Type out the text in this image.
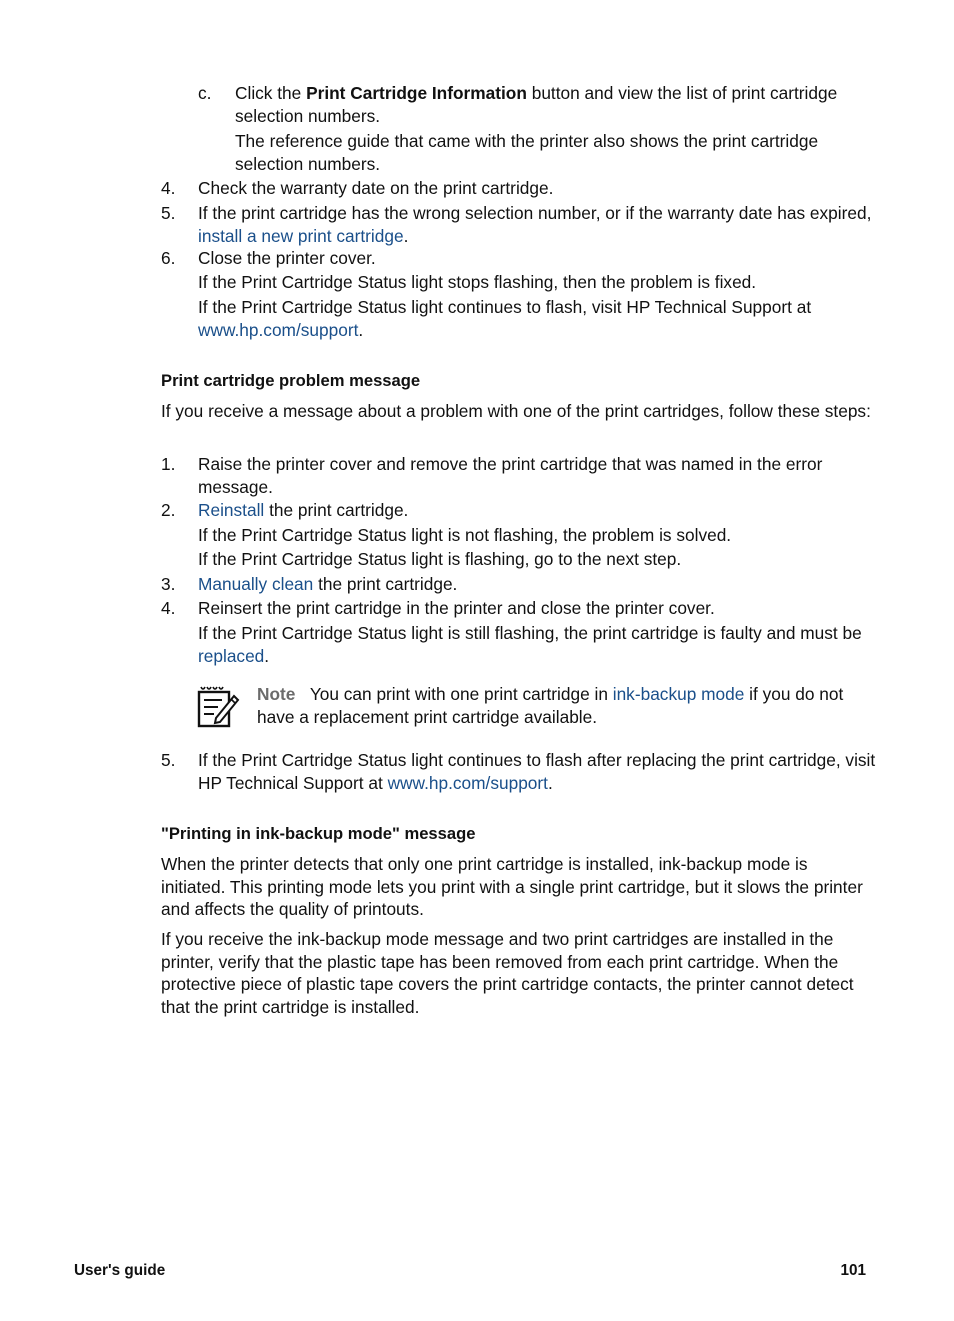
c. Click the Print Cartridge Information button and view the list of print cartridge selection numbers.

The reference guide that came with the printer also shows the print cartridge selection numbers.

4. Check the warranty date on the print cartridge.

5. If the print cartridge has the wrong selection number, or if the warranty date has expired, install a new print cartridge.

6. Close the printer cover.

If the Print Cartridge Status light stops flashing, then the problem is fixed.

If the Print Cartridge Status light continues to flash, visit HP Technical Support at www.hp.com/support.

Print cartridge problem message

If you receive a message about a problem with one of the print cartridges, follow these steps:

1. Raise the printer cover and remove the print cartridge that was named in the error message.

2. Reinstall the print cartridge.

If the Print Cartridge Status light is not flashing, the problem is solved.

If the Print Cartridge Status light is flashing, go to the next step.

3. Manually clean the print cartridge.

4. Reinsert the print cartridge in the printer and close the printer cover.

If the Print Cartridge Status light is still flashing, the print cartridge is faulty and must be replaced.

Note You can print with one print cartridge in ink-backup mode if you do not have a replacement print cartridge available.

5. If the Print Cartridge Status light continues to flash after replacing the print cartridge, visit HP Technical Support at www.hp.com/support.

"Printing in ink-backup mode" message

When the printer detects that only one print cartridge is installed, ink-backup mode is initiated. This printing mode lets you print with a single print cartridge, but it slows the printer and affects the quality of printouts.

If you receive the ink-backup mode message and two print cartridges are installed in the printer, verify that the plastic tape has been removed from each print cartridge. When the protective piece of plastic tape covers the print cartridge contacts, the printer cannot detect that the print cartridge is installed.

User's guide	101
